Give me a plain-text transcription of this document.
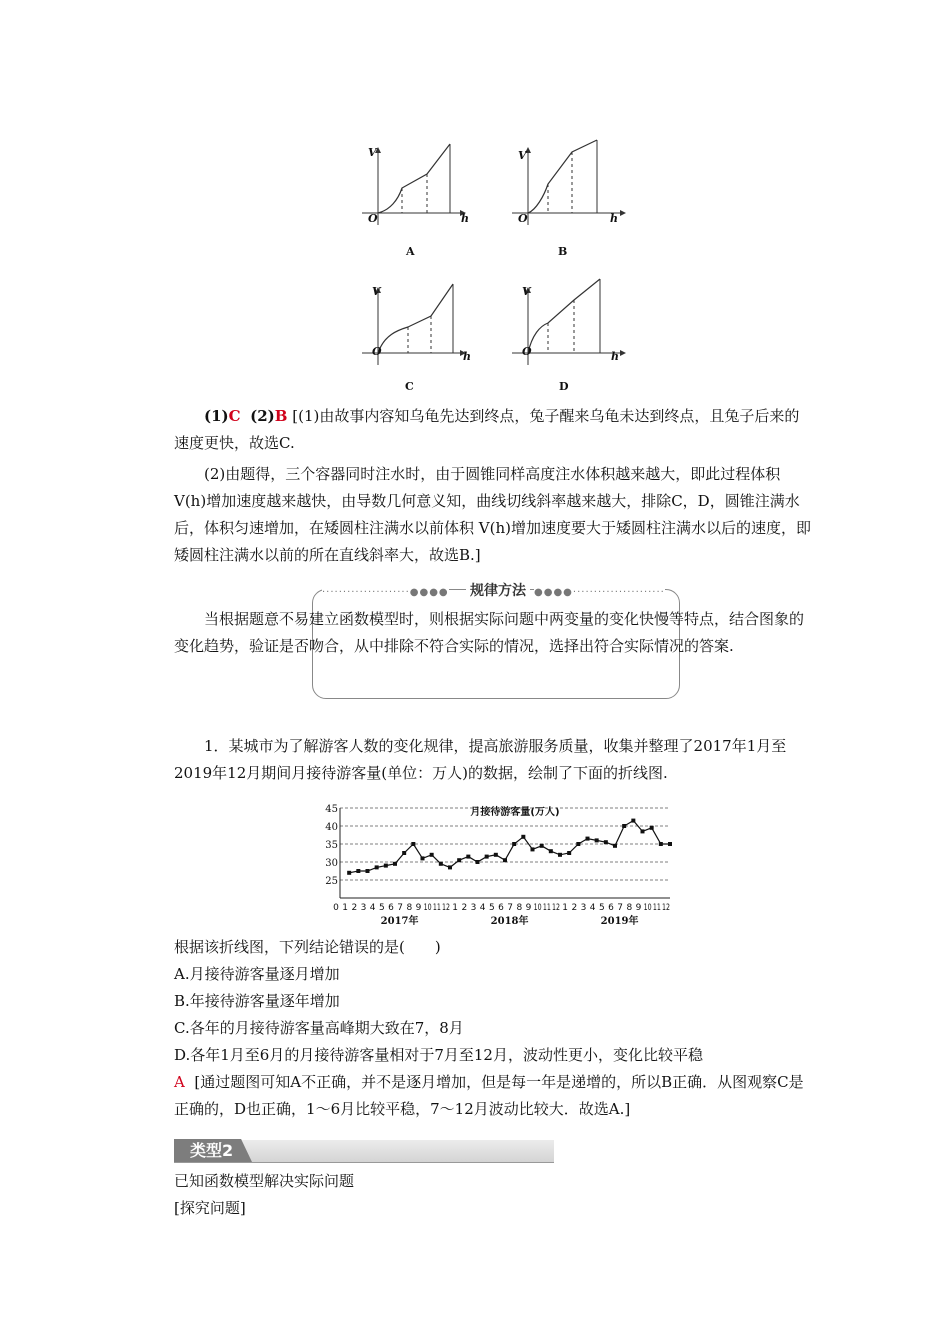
V
O	h
A
V
O	h
B
V
O	h
C
V
O	h
D
(1)C (2)B [(1)由故事内容知乌龟先达到终点，兔子醒来乌龟未达到终点，且兔子后来的速度更快，故选C.
(2)由题得，三个容器同时注水时，由于圆锥同样高度注水体积越来越大，即此过程体积 V(h)增加速度越来越快，由导数几何意义知，曲线切线斜率越来越大，排除C，D，圆锥注满水后，体积匀速增加，在矮圆柱注满水以前体积 V(h)增加速度要大于矮圆柱注满水以后的速度，即矮圆柱注满水以前的所在直线斜率大，故选B.]
·····················●●●●	●●●●······················
规律方法
当根据题意不易建立函数模型时，则根据实际问题中两变量的变化快慢等特点，结合图象的变化趋势，验证是否吻合，从中排除不符合实际的情况，选择出符合实际情况的答案.
1．某城市为了解游客人数的变化规律，提高旅游服务质量，收集并整理了2017年1月至2019年12月期间月接待游客量(单位：万人)的数据，绘制了下面的折线图.
45
40
35
30
25
月接待游客量(万人)
0 1 2 3 4 5 6 7 8 9 10 11 12 1 2 3 4 5 6 7 8 9 10 11 12 1 2 3 4 5 6 7 8 9 10 11 12
2017年	2018年	2019年
根据该折线图，下列结论错误的是(　　)
A.月接待游客量逐月增加
B.年接待游客量逐年增加
C.各年的月接待游客量高峰期大致在7，8月
D.各年1月至6月的月接待游客量相对于7月至12月，波动性更小，变化比较平稳
A [通过题图可知A不正确，并不是逐月增加，但是每一年是递增的，所以B正确．从图观察C是正确的，D也正确，1～6月比较平稳，7～12月波动比较大．故选A.]
类型2
已知函数模型解决实际问题
[探究问题]
